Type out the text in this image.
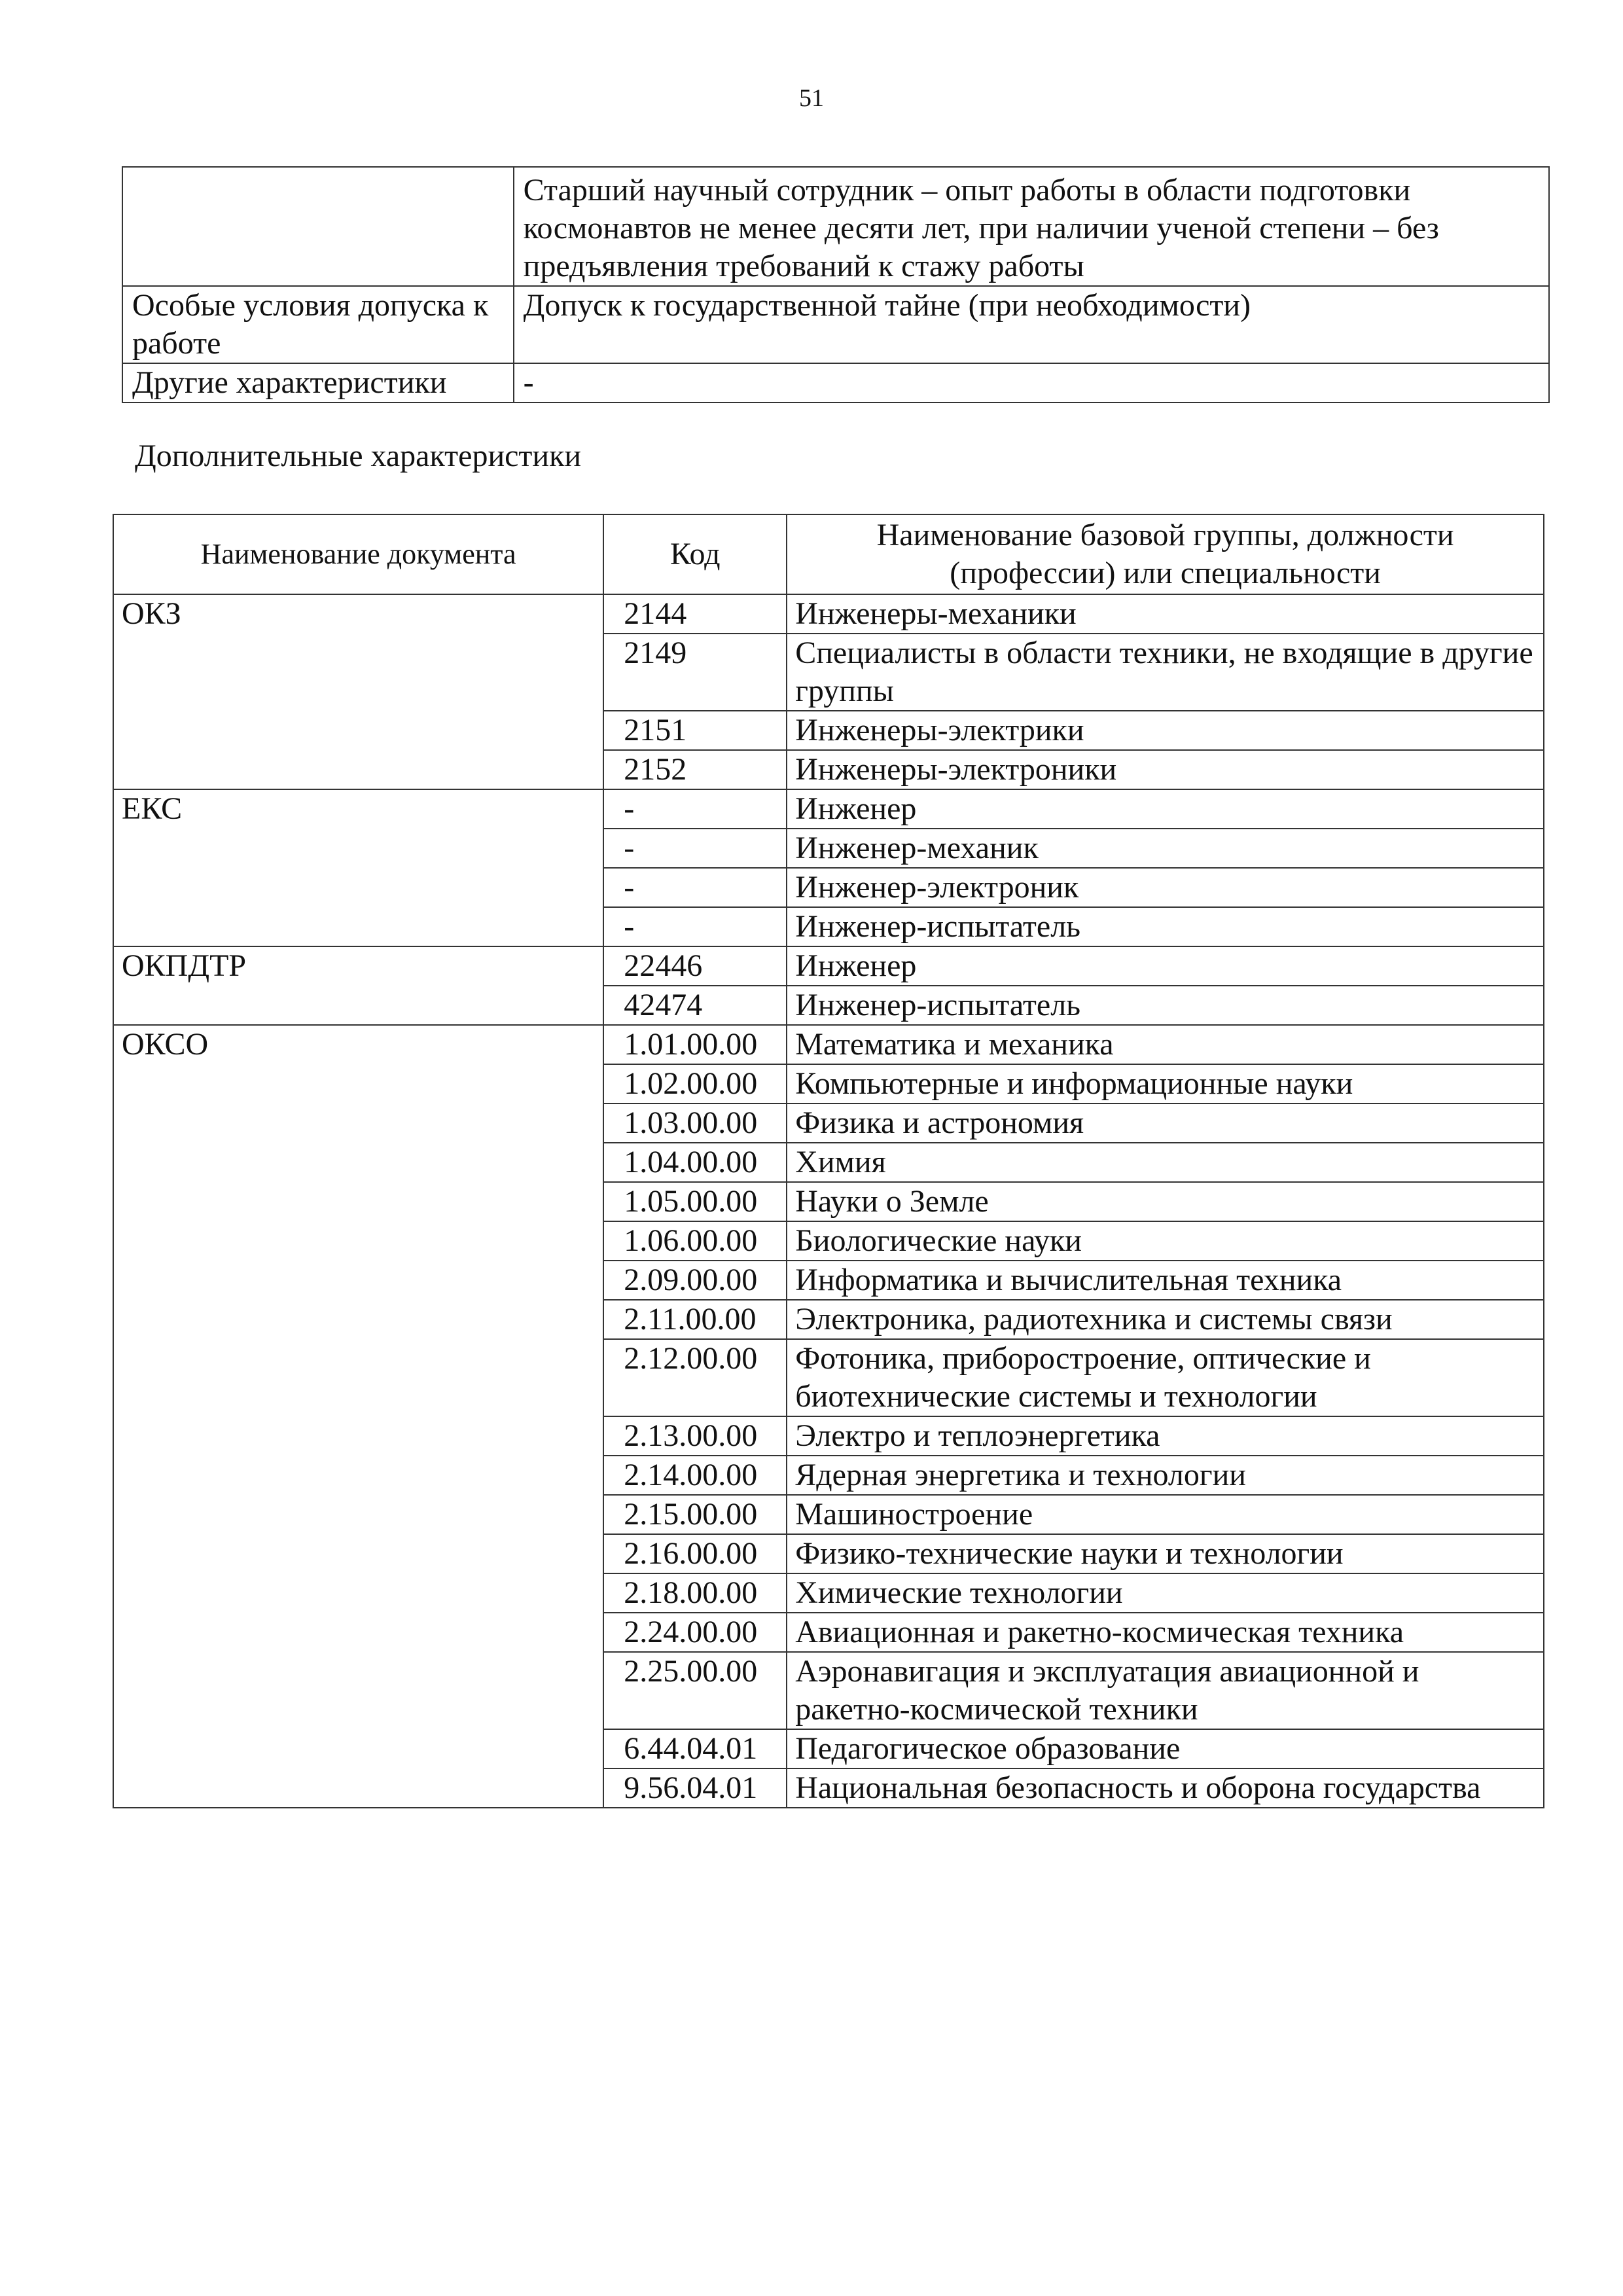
51
	Старший научный сотрудник – опыт работы в области подготовки космонавтов не менее десяти лет, при наличии ученой степени – без предъявления требований к стажу работы
Особые условия допуска к работе	Допуск к государственной тайне (при необходимости)
Другие характеристики	-
Дополнительные характеристики
Наименование документа	Код	Наименование базовой группы, должности (профессии) или специальности
ОКЗ	2144	Инженеры-механики
	2149	Специалисты в области техники, не входящие в другие группы
	2151	Инженеры-электрики
	2152	Инженеры-электроники
ЕКС	-	Инженер
	-	Инженер-механик
	-	Инженер-электроник
	-	Инженер-испытатель
ОКПДТР	22446	Инженер
	42474	Инженер-испытатель
ОКСО	1.01.00.00	Математика и механика
	1.02.00.00	Компьютерные и информационные науки
	1.03.00.00	Физика и астрономия
	1.04.00.00	Химия
	1.05.00.00	Науки о Земле
	1.06.00.00	Биологические науки
	2.09.00.00	Информатика и вычислительная техника
	2.11.00.00	Электроника, радиотехника и системы связи
	2.12.00.00	Фотоника, приборостроение, оптические и биотехнические системы и технологии
	2.13.00.00	Электро и теплоэнергетика
	2.14.00.00	Ядерная энергетика и технологии
	2.15.00.00	Машиностроение
	2.16.00.00	Физико-технические науки и технологии
	2.18.00.00	Химические технологии
	2.24.00.00	Авиационная и ракетно-космическая техника
	2.25.00.00	Аэронавигация и эксплуатация авиационной и ракетно-космической техники
	6.44.04.01	Педагогическое образование
	9.56.04.01	Национальная безопасность и оборона государства
